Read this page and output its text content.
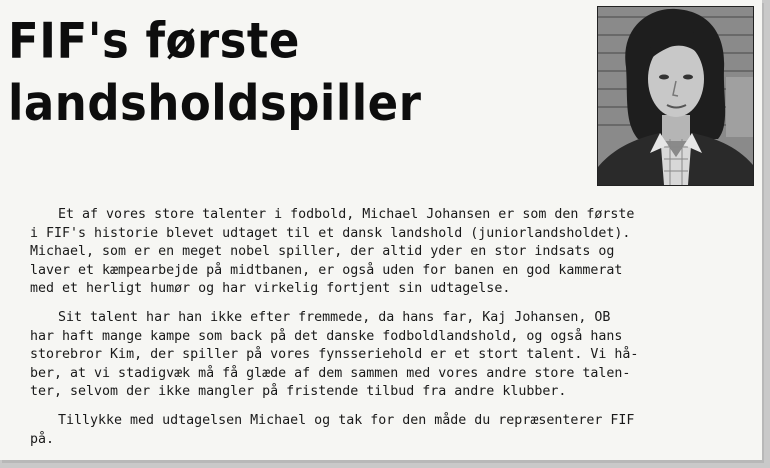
FIF's første
landsholdspiller

Et af vores store talenter i fodbold, Michael Johansen er som den første
i FIF's historie blevet udtaget til et dansk landshold (juniorlandsholdet).
Michael, som er en meget nobel spiller, der altid yder en stor indsats og
laver et kæmpearbejde på midtbanen, er også uden for banen en god kammerat
med et herligt humør og har virkelig fortjent sin udtagelse.

Sit talent har han ikke efter fremmede, da hans far, Kaj Johansen, OB
har haft mange kampe som back på det danske fodboldlandshold, og også hans
storebror Kim, der spiller på vores fynsseriehold er et stort talent. Vi hå-
ber, at vi stadigvæk må få glæde af dem sammen med vores andre store talen-
ter, selvom der ikke mangler på fristende tilbud fra andre klubber.

Tillykke med udtagelsen Michael og tak for den måde du repræsenterer FIF
på.
